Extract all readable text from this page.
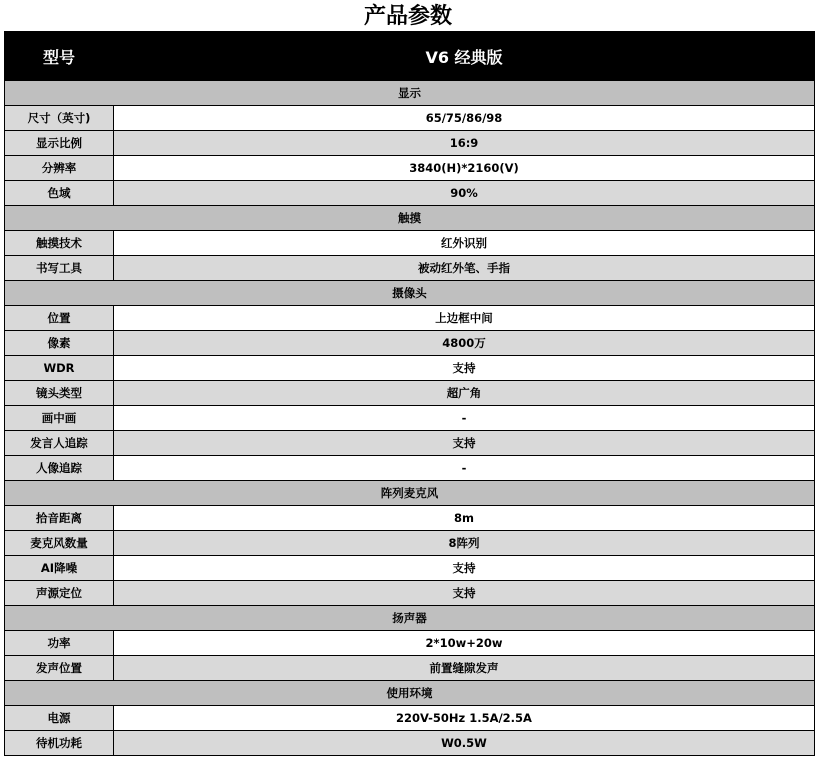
产品参数
型号	V6 经典版
显示	
尺寸（英寸)	65/75/86/98
显示比例	16:9
分辨率	3840(H)*2160(V)
色域	90%
触摸	
触摸技术	红外识别
书写工具	被动红外笔、手指
摄像头	
位置	上边框中间
像素	4800万
WDR	支持
镜头类型	超广角
画中画	-
发言人追踪	支持
人像追踪	-
阵列麦克风	
拾音距离	8m
麦克风数量	8阵列
AI降噪	支持
声源定位	支持
扬声器	
功率	2*10w+20w
发声位置	前置缝隙发声
使用环境	
电源	220V-50Hz 1.5A/2.5A
待机功耗	W0.5W
